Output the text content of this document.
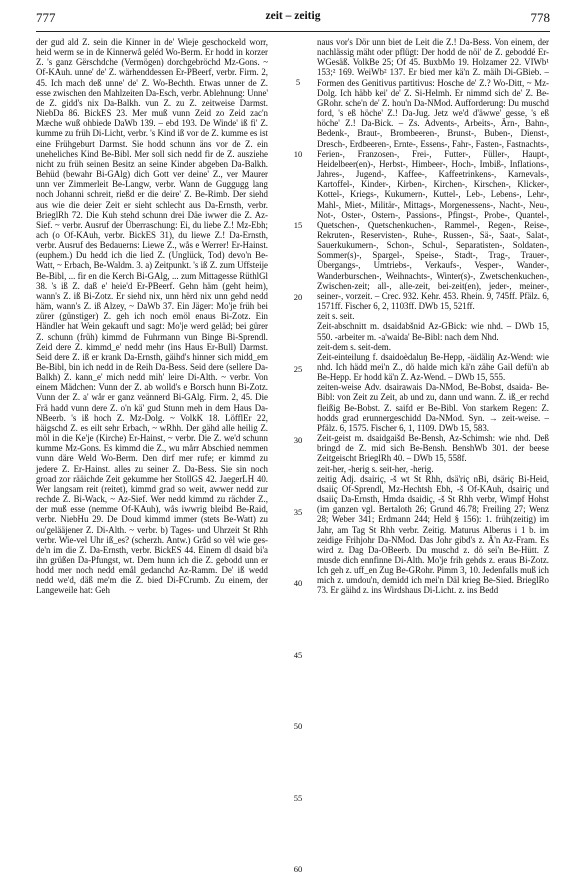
777	zeit – zeitig	778

der gud ald Z. sein die Kinner in de' Wieje geschockeld worr, heid werm se in de Kinnerwå geléd Wo-Berm. Er hodd in korzer Z. 's ganz Gërschdche (Vermögen) dorchgebröchd Mz-Gons. ~ Of-KAuh. unne' de' Z. wärhenddessen Er-PBeerf, verbr. Firm. 2, 45. Ich mach deß unne' de' Z. Wo-Bechth. Etwas unner de Z. esse zwischen den Mahlzeiten Da-Esch, verbr. Ablehnung: Unne' de Z. gidd's nix Da-Balkh. vun Z. zu Z. zeitweise Darmst. NiebDa 86. BickES 23. Mer muß vunn Zeid zo Zeid zac'n Mæche wuß ohbiede DaWb 139. – ebd 193. De Winde' iß fi' Z. kumme zu früh Di-Licht, verbr. 's Kind iß vor de Z. kumme es ist eine Frühgeburt Darmst. Sie hodd schunn äns vor de Z. ein uneheliches Kind Be-Bibl. Mer soll sich nedd fir de Z. ausziehe nicht zu früh seinen Besitz an seine Kinder abgeben Da-Balkh. Behüd (bewahr Bi-GAlg) dich Gott ver deine' Z., ver Maurer unn ver Zimmerleit Be-Langw, verbr. Wann de Guggugg lang noch Johanni schreit, rießd er die deire' Z. Be-Rimb. Der siehd aus wie die deier Zeit er sieht schlecht aus Da-Ernsth, verbr. BrieglRh 72. Die Kuh stehd schunn drei Däe iwwer die Z. Az-Sief. ~ verbr. Ausruf der Überraschung: Ei, du liebe Z.! Mz-Ebh; ach (o Of-KAuh, verbr. BickES 31), du liewe Z.! Da-Ernsth, verbr. Ausruf des Bedauerns: Liewe Z., wås e Werrer! Er-Hainst. (euphem.) Du hedd ich die lied Z. (Unglück, Tod) devo'n Be-Watt, ~ Erbach, Be-Waldm. 3. a) Zeitpunkt. 's iß Z. zum Uffsteije Be-Bibl, ... fir en die Kerch Bi-GAlg, ... zum Mittagesse RüthlGl 38. 's iß Z. daß e' heie'd Er-PBeerf. Gehn häm (geht heim), wann's Z. iß Bi-Zotz. Er siehd nix, unn hërd nix unn gehd nedd häm, wann's Z. iß Alzey, ~ DaWb 37. Ein Jäger: Mo'je früh bei zürer (günstiger) Z. geh ich noch emöl enaus Bi-Zotz. Ein Händler hat Wein gekauft und sagt: Mo'je werd geläd; bei gürer Z. schunn (früh) kimmd de Fuhrmann vun Binge Bi-Sprendl. Zeid dere Z. kimmd_e' nedd mehr (ins Haus Er-Bull) Darmst. Seid dere Z. iß er krank Da-Ernsth, gäihd's hinner sich midd_em Be-Bibl, bin ich nedd in de Reih Da-Bess. Seid dere (sellere Da-Balkh) Z. kann_e' mich nedd mih' leire Di-Alth. ~ verbr. Von einem Mädchen: Vunn der Z. ab wolld's e Borsch hunn Bi-Zotz. Vunn der Z. a' wår er ganz veännerd Bi-GAlg. Firm. 2, 45. Die Frä hadd vunn dere Z. o'n kä' gud Stunn meh in dem Haus Da-NBeerb. 's iß hoch Z. Mz-Dolg. ~ VolkK 18. LöfflEr 22, häigschd Z. es eilt sehr Erbach, ~ wRhh. Der gähd alle heilig Z. möl in die Ke'je (Kirche) Er-Hainst, ~ verbr. Die Z. we'd schunn kumme Mz-Gons. Es kimmd die Z., wu mårr Abschied nemmen vunn däre Weld Wo-Berm. Den dirf mer rufe; er kimmd zu jedere Z. Er-Hainst. alles zu seiner Z. Da-Bess. Sie sin noch groad zor rääichde Zeit gekumme her StollGS 42. JaegerLH 40. Wer langsam reit (reitet), kimmd grad so weit, awwer nedd zur rechde Z. Bi-Wack, ~ Az-Sief. Wer nedd kimmd zu rächder Z., der muß esse (nemme Of-KAuh), wås iwwrig bleibd Be-Raid, verbr. NiebHu 29. De Doud kimmd immer (stets Be-Watt) zu ou'gelääjener Z. Di-Alth. ~ verbr. b) Tages- und Uhrzeit St Rhh verbr. Wie-vel Uhr iß_es? (scherzh. Antw.) Gråd so vèl wie ges-de'n im die Z. Da-Ernsth, verbr. BickES 44. Einem dl dsaid bi'a ihn grüßen Da-Pfungst, wt. Dem hunn ich die Z. gebodd unn er hodd mer noch nedd emål gedanchd Az-Ramm. De' iß wedd nedd we'd, däß me'm die Z. bied Di-FCrumb. Zu einem, der Langeweile hat: Geh

5
10
15
20
25
30
35
40
45
50
55
60

naus vor's Dör unn biet de Leit die Z.! Da-Bess. Von einem, der nachlässig mäht oder pflügt: Der hodd de nöi' de Z. geboddé Er-WGesäß. VolkBe 25; Of 45. BuxbMo 19. Holzamer 22. VIWb¹ 153;² 169. WeiWb² 137. Er bied mer kä'n Z. mäih Di-GBieb. – Formen des Genitivus partitivus: Hosche de' Z.? Wo-Ditt, ~ Mz-Dolg. Ich häbb kei' de' Z. Si-Helmh. Er nimmd sich de' Z. Be-GRohr. sche'n de' Z. hou'n Da-NMod. Aufforderung: Du muschd ford, 's eß höche' Z.! Da-Jug. Jetz we'd d'äwwe' gesse, 's eß höche' Z.! Da-Bick. – Zs. Advents-, Arbeits-, Ärn-, Bahn-, Bedenk-, Braut-, Brombeeren-, Brunst-, Buben-, Dienst-, Dresch-, Erdbeeren-, Ernte-, Essens-, Fahr-, Fasten-, Fastnachts-, Ferien-, Franzosen-, Frei-, Futter-, Füller-, Haupt-, Heidelbeer(en)-, Herbst-, Himbeer-, Hoch-, Imbiß-, Inflations-, Jahres-, Jugend-, Kaffee-, Kaffeetrinkens-, Karnevals-, Kartoffel-, Kinder-, Kirben-, Kirchen-, Kirschen-, Klicker-, Kottel-, Kriegs-, Kukumern-, Kuttel-, Leb-, Lebens-, Lehr-, Mahl-, Miet-, Militär-, Mittags-, Morgenessens-, Nacht-, Neu-, Not-, Oster-, Ostern-, Passions-, Pfingst-, Probe-, Quantel-, Quetschen-, Quetschenkuchen-, Rammel-, Regen-, Reise-, Rekruten-, Reservisten-, Ruhe-, Russen-, Sä-, Saat-, Salat-, Sauerkukumern-, Schon-, Schul-, Separatisten-, Soldaten-, Sommer(s)-, Spargel-, Speise-, Stadt-, Trag-, Trauer-, Übergangs-, Umtriebs-, Verkaufs-, Vesper-, Wander-, Wanderburschen-, Weihnachts-, Winter(s)-, Zwetschenkuchen-, Zwischen-zeit; all-, alle-zeit, bei-zeit(en), jeder-, meiner-, seiner-, vorzeit. – Crec. 932. Kehr. 453. Rhein. 9, 745ff. Pfälz. 6, 1571ff. Fischer 6, 2, 1103ff. DWb 15, 521ff.

zeit s. seit.

Zeit-abschnitt m. dsaidabšnid Az-GBick: wie nhd. – DWb 15, 550. -arbeiter m. -a'waida' Be-Bibl: nach dem Nhd.

zeit-dem s. seit-dem.

Zeit-einteilung f. dsaidoèdaluŋ Be-Hepp, -äidäliŋ Az-Wend: wie nhd. Ich hädd mei'n Z., dö halde mich kä'n zähe Gail defü'n ab Be-Hepp. Er hodd kä'n Z. Az-Wend. – DWb 15, 555.

zeiten-weise Adv. dsairawais Da-NMod, Be-Bobst, dsaida- Be-Bibl: von Zeit zu Zeit, ab und zu, dann und wann. Z. iß_er rechd fleißig Be-Bobst. Z. saifd er Be-Bibl. Von starkem Regen: Z. hodds grad erunnergeschidd Da-NMod. Syn. → zeit-weise. – Pfälz. 6, 1575. Fischer 6, 1, 1109. DWb 15, 583.

Zeit-geist m. dsaidgaišd Be-Bensh, Az-Schimsh: wie nhd. Deß bringd de Z. mid sich Be-Bensh. BenshWb 301. der beese Zeitgeischt BrieglRh 40. – DWb 15, 558f.

zeit-her, -herig s. seit-her, -herig.

zeitig Adj. dsairiç, -š wt St Rhh, dsä'riç nBi, dsäriç Bi-Heid, dsaiiç Of-Sprendl, Mz-Hechtsh Ebh, -š Of-KAuh, dsairiç und dsaiiç Da-Ernsth, Hmda dsaidiç, -š St Rhh verbr, Wimpf Hohst (im ganzen vgl. Bertaloth 26; Grund 46.78; Freiling 27; Wenz 28; Weber 341; Erdmann 244; Held § 156): 1. früh(zeitig) im Jahr, am Tag St Rhh verbr. Zeitig. Maturus Alberus i 1 b. im zeidige Frihjohr Da-NMod. Das Johr gibd's z. Ä'n Az-Fram. Es wird z. Dag Da-OBeerb. Du muschd z. dö sei'n Be-Hütt. Z musde dich ennfinne Di-Alth. Mo'je frih gehds z. eraus Bi-Zotz. Ich geh z. uff_en Zug Be-GRohr. Pimm 3, 10. Jedenfalls muß ich mich z. umdou'n, demidd ich mei'n Däl krieg Be-Sied. BrieglRo 73. Er gäihd z. ins Wirdshaus Di-Licht. z. ins Bedd
